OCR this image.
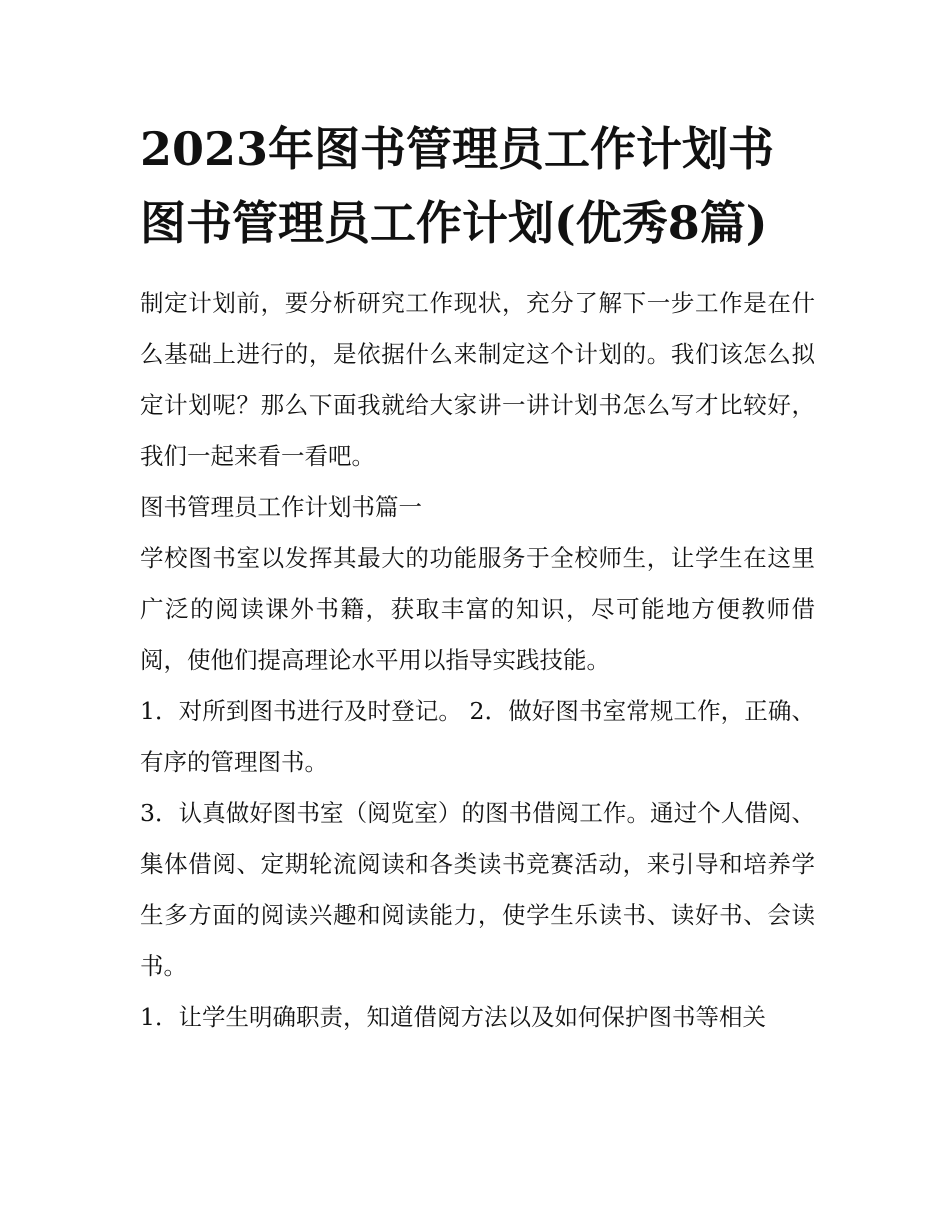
2023年图书管理员工作计划书 图书管理员工作计划(优秀8篇)

制定计划前，要分析研究工作现状，充分了解下一步工作是在什么基础上进行的，是依据什么来制定这个计划的。我们该怎么拟定计划呢？那么下面我就给大家讲一讲计划书怎么写才比较好，我们一起来看一看吧。

图书管理员工作计划书篇一

学校图书室以发挥其最大的功能服务于全校师生，让学生在这里广泛的阅读课外书籍，获取丰富的知识，尽可能地方便教师借阅，使他们提高理论水平用以指导实践技能。

1．对所到图书进行及时登记。 2．做好图书室常规工作，正确、有序的管理图书。

3．认真做好图书室（阅览室）的图书借阅工作。通过个人借阅、集体借阅、定期轮流阅读和各类读书竞赛活动，来引导和培养学生多方面的阅读兴趣和阅读能力，使学生乐读书、读好书、会读书。

1．让学生明确职责，知道借阅方法以及如何保护图书等相关
